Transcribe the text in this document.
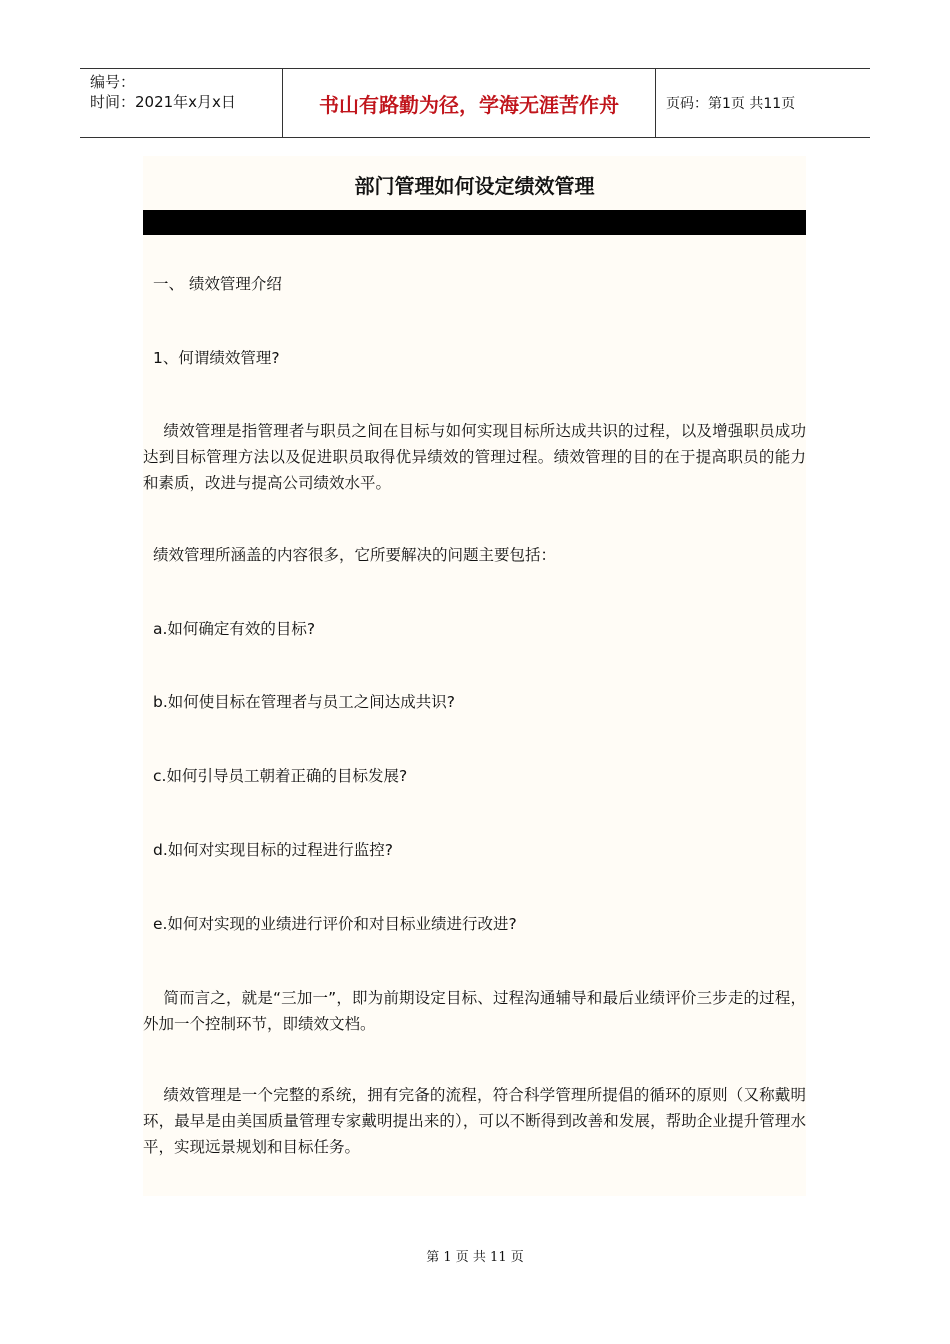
编号：
时间：2021年x月x日	书山有路勤为径，学海无涯苦作舟	页码：第1页 共11页
部门管理如何设定绩效管理
一、 绩效管理介绍
1、何谓绩效管理?
绩效管理是指管理者与职员之间在目标与如何实现目标所达成共识的过程，以及增强职员成功达到目标管理方法以及促进职员取得优异绩效的管理过程。绩效管理的目的在于提高职员的能力和素质，改进与提高公司绩效水平。
绩效管理所涵盖的内容很多，它所要解决的问题主要包括：
a.如何确定有效的目标?
b.如何使目标在管理者与员工之间达成共识?
c.如何引导员工朝着正确的目标发展?
d.如何对实现目标的过程进行监控?
e.如何对实现的业绩进行评价和对目标业绩进行改进?
简而言之，就是“三加一”，即为前期设定目标、过程沟通辅导和最后业绩评价三步走的过程，外加一个控制环节，即绩效文档。
绩效管理是一个完整的系统，拥有完备的流程，符合科学管理所提倡的循环的原则（又称戴明环，最早是由美国质量管理专家戴明提出来的），可以不断得到改善和发展，帮助企业提升管理水平，实现远景规划和目标任务。
第 1 页 共 11 页
